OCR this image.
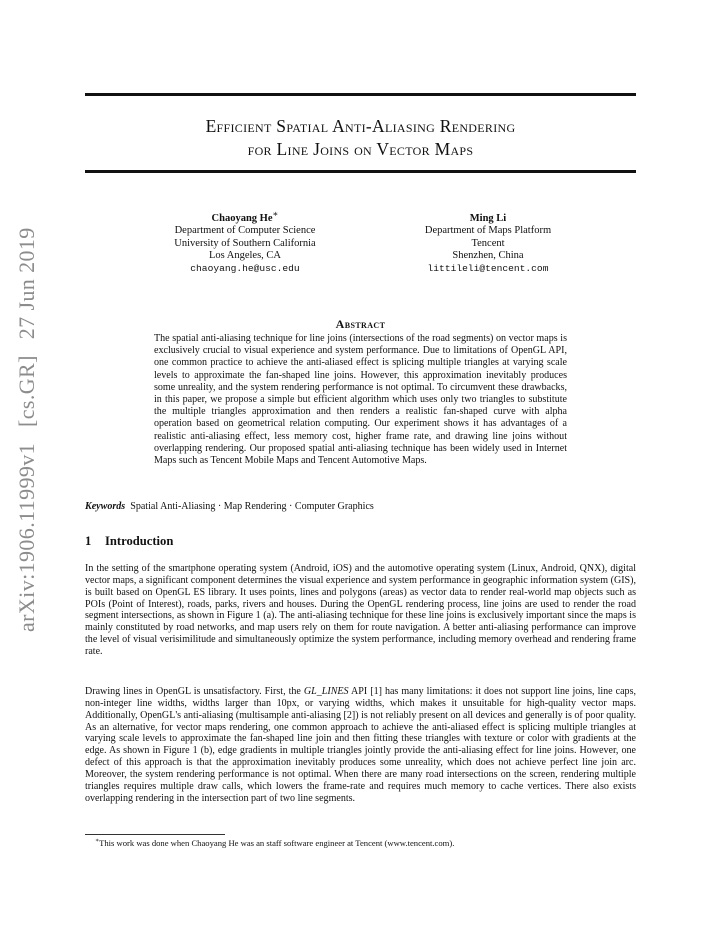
arXiv:1906.11999v1 [cs.GR] 27 Jun 2019
Efficient Spatial Anti-Aliasing Rendering
for Line Joins on Vector Maps
Chaoyang He∗
Department of Computer Science
University of Southern California
Los Angeles, CA
chaoyang.he@usc.edu
Ming Li
Department of Maps Platform
Tencent
Shenzhen, China
littileli@tencent.com
Abstract
The spatial anti-aliasing technique for line joins (intersections of the road segments) on vector maps is exclusively crucial to visual experience and system performance. Due to limitations of OpenGL API, one common practice to achieve the anti-aliased effect is splicing multiple triangles at varying scale levels to approximate the fan-shaped line joins. However, this approximation inevitably produces some unreality, and the system rendering performance is not optimal. To circumvent these drawbacks, in this paper, we propose a simple but efficient algorithm which uses only two triangles to substitute the multiple triangles approximation and then renders a realistic fan-shaped curve with alpha operation based on geometrical relation computing. Our experiment shows it has advantages of a realistic anti-aliasing effect, less memory cost, higher frame rate, and drawing line joins without overlapping rendering. Our proposed spatial anti-aliasing technique has been widely used in Internet Maps such as Tencent Mobile Maps and Tencent Automotive Maps.
Keywords Spatial Anti-Aliasing · Map Rendering · Computer Graphics
1 Introduction

In the setting of the smartphone operating system (Android, iOS) and the automotive operating system (Linux, Android, QNX), digital vector maps, a significant component determines the visual experience and system performance in geographic information system (GIS), is built based on OpenGL ES library. It uses points, lines and polygons (areas) as vector data to render real-world map objects such as POIs (Point of Interest), roads, parks, rivers and houses. During the OpenGL rendering process, line joins are used to render the road segment intersections, as shown in Figure 1 (a). The anti-aliasing technique for these line joins is exclusively important since the maps is mainly constituted by road networks, and map users rely on them for route navigation. A better anti-aliasing performance can improve the level of visual verisimilitude and simultaneously optimize the system performance, including memory overhead and rendering frame rate.

Drawing lines in OpenGL is unsatisfactory. First, the GL_LINES API [1] has many limitations: it does not support line joins, line caps, non-integer line widths, widths larger than 10px, or varying widths, which makes it unsuitable for high-quality vector maps. Additionally, OpenGL's anti-aliasing (multisample anti-aliasing [2]) is not reliably present on all devices and generally is of poor quality. As an alternative, for vector maps rendering, one common approach to achieve the anti-aliased effect is splicing multiple triangles at varying scale levels to approximate the fan-shaped line join and then fitting these triangles with texture or color with gradients at the edge. As shown in Figure 1 (b), edge gradients in multiple triangles jointly provide the anti-aliasing effect for line joins. However, one defect of this approach is that the approximation inevitably produces some unreality, which does not achieve perfect line join arc. Moreover, the system rendering performance is not optimal. When there are many road intersections on the screen, rendering multiple triangles requires multiple draw calls, which lowers the frame-rate and requires much memory to cache vertices. There also exists overlapping rendering in the intersection part of two line segments.

∗This work was done when Chaoyang He was an staff software engineer at Tencent (www.tencent.com).
